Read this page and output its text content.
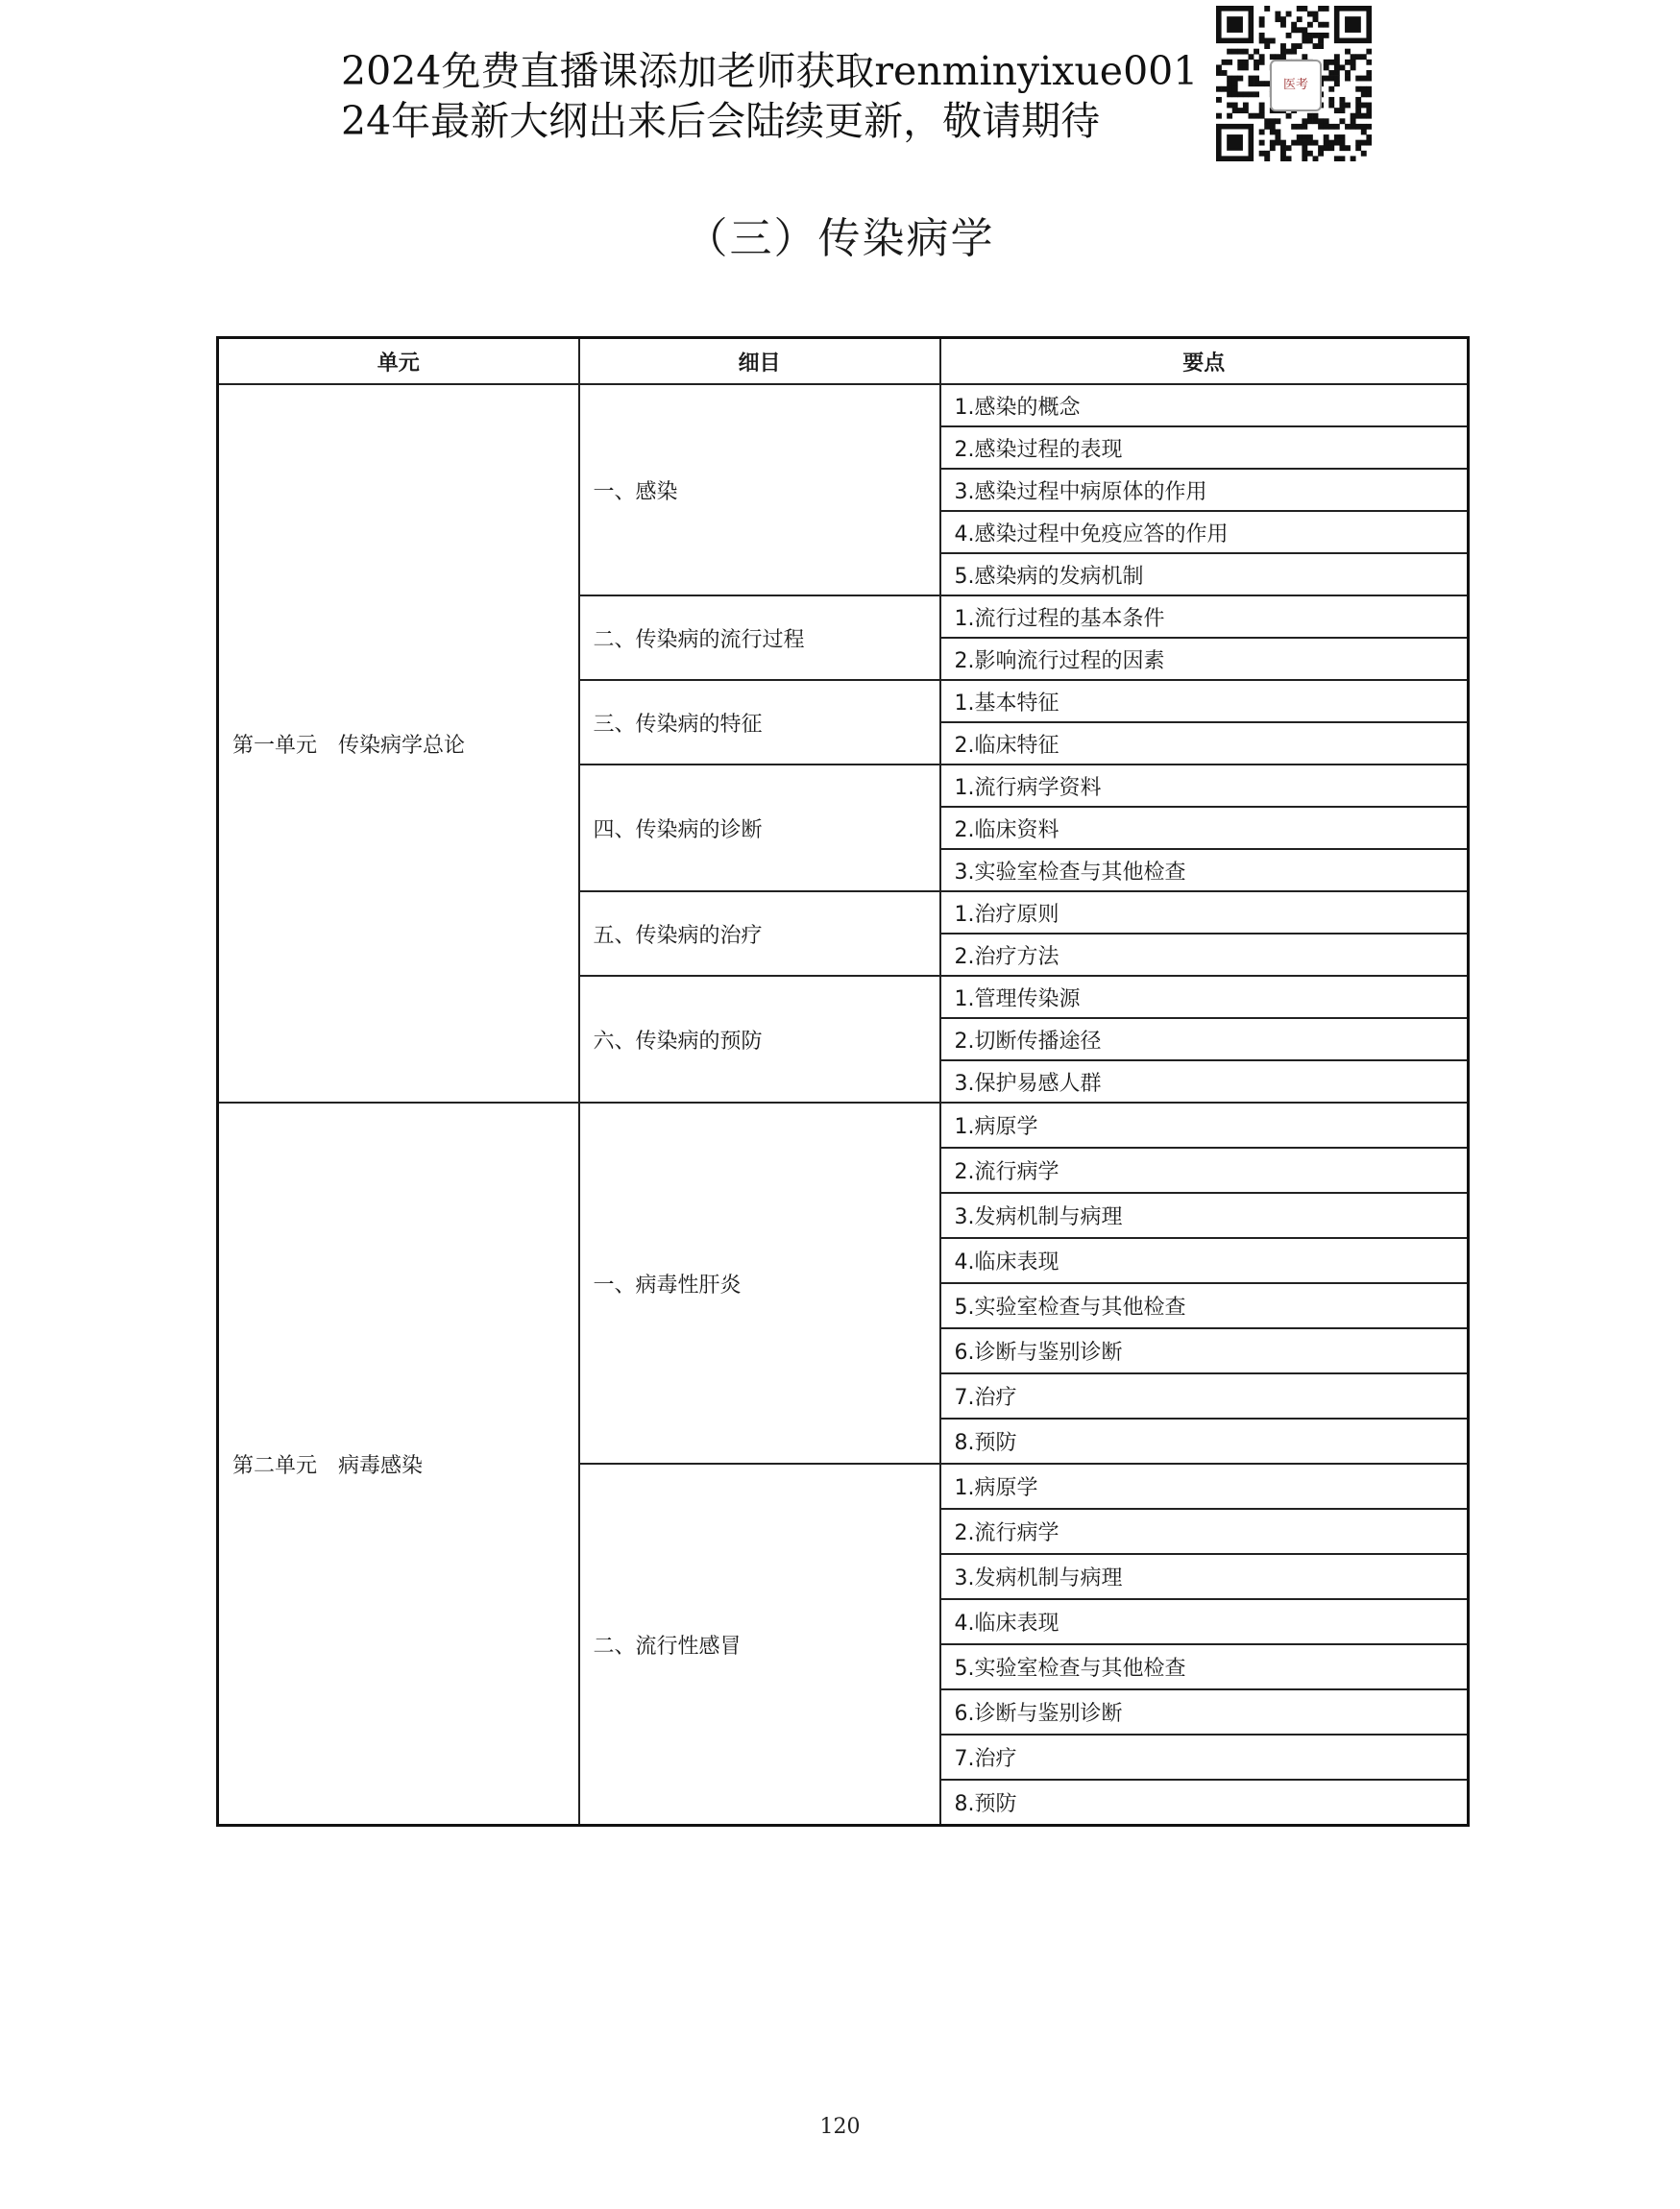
2024免费直播课添加老师获取renminyixue001
24年最新大纲出来后会陆续更新，敬请期待
医考
（三）传染病学
单元	细目	要点
第一单元　传染病学总论	一、感染	1.感染的概念
		2.感染过程的表现
		3.感染过程中病原体的作用
		4.感染过程中免疫应答的作用
		5.感染病的发病机制
	二、传染病的流行过程	1.流行过程的基本条件
		2.影响流行过程的因素
	三、传染病的特征	1.基本特征
		2.临床特征
	四、传染病的诊断	1.流行病学资料
		2.临床资料
		3.实验室检查与其他检查
	五、传染病的治疗	1.治疗原则
		2.治疗方法
	六、传染病的预防	1.管理传染源
		2.切断传播途径
		3.保护易感人群
第二单元　病毒感染	一、病毒性肝炎	1.病原学
		2.流行病学
		3.发病机制与病理
		4.临床表现
		5.实验室检查与其他检查
		6.诊断与鉴别诊断
		7.治疗
		8.预防
	二、流行性感冒	1.病原学
		2.流行病学
		3.发病机制与病理
		4.临床表现
		5.实验室检查与其他检查
		6.诊断与鉴别诊断
		7.治疗
		8.预防
120
